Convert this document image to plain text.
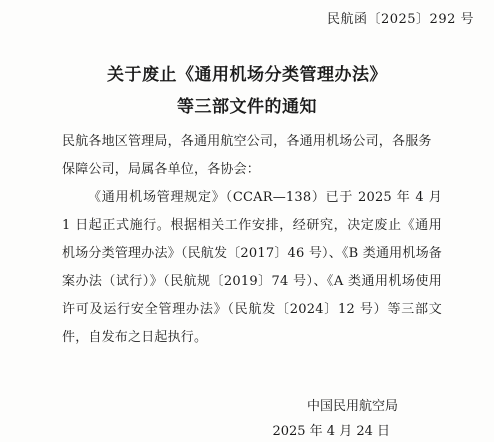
民航函〔2025〕292 号
关于废止《通用机场分类管理办法》
等三部文件的通知
民航各地区管理局，各通用航空公司，各通用机场公司，各服务保障公司，局属各单位，各协会：
《通用机场管理规定》（CCAR—138）已于 2025 年 4 月 1 日起正式施行。根据相关工作安排，经研究，决定废止《通用机场分类管理办法》（民航发〔2017〕46 号）、《B 类通用机场备案办法（试行）》（民航规〔2019〕74 号）、《A 类通用机场使用许可及运行安全管理办法》（民航发〔2024〕12 号）等三部文件，自发布之日起执行。
中国民用航空局
2025 年 4 月 24 日
